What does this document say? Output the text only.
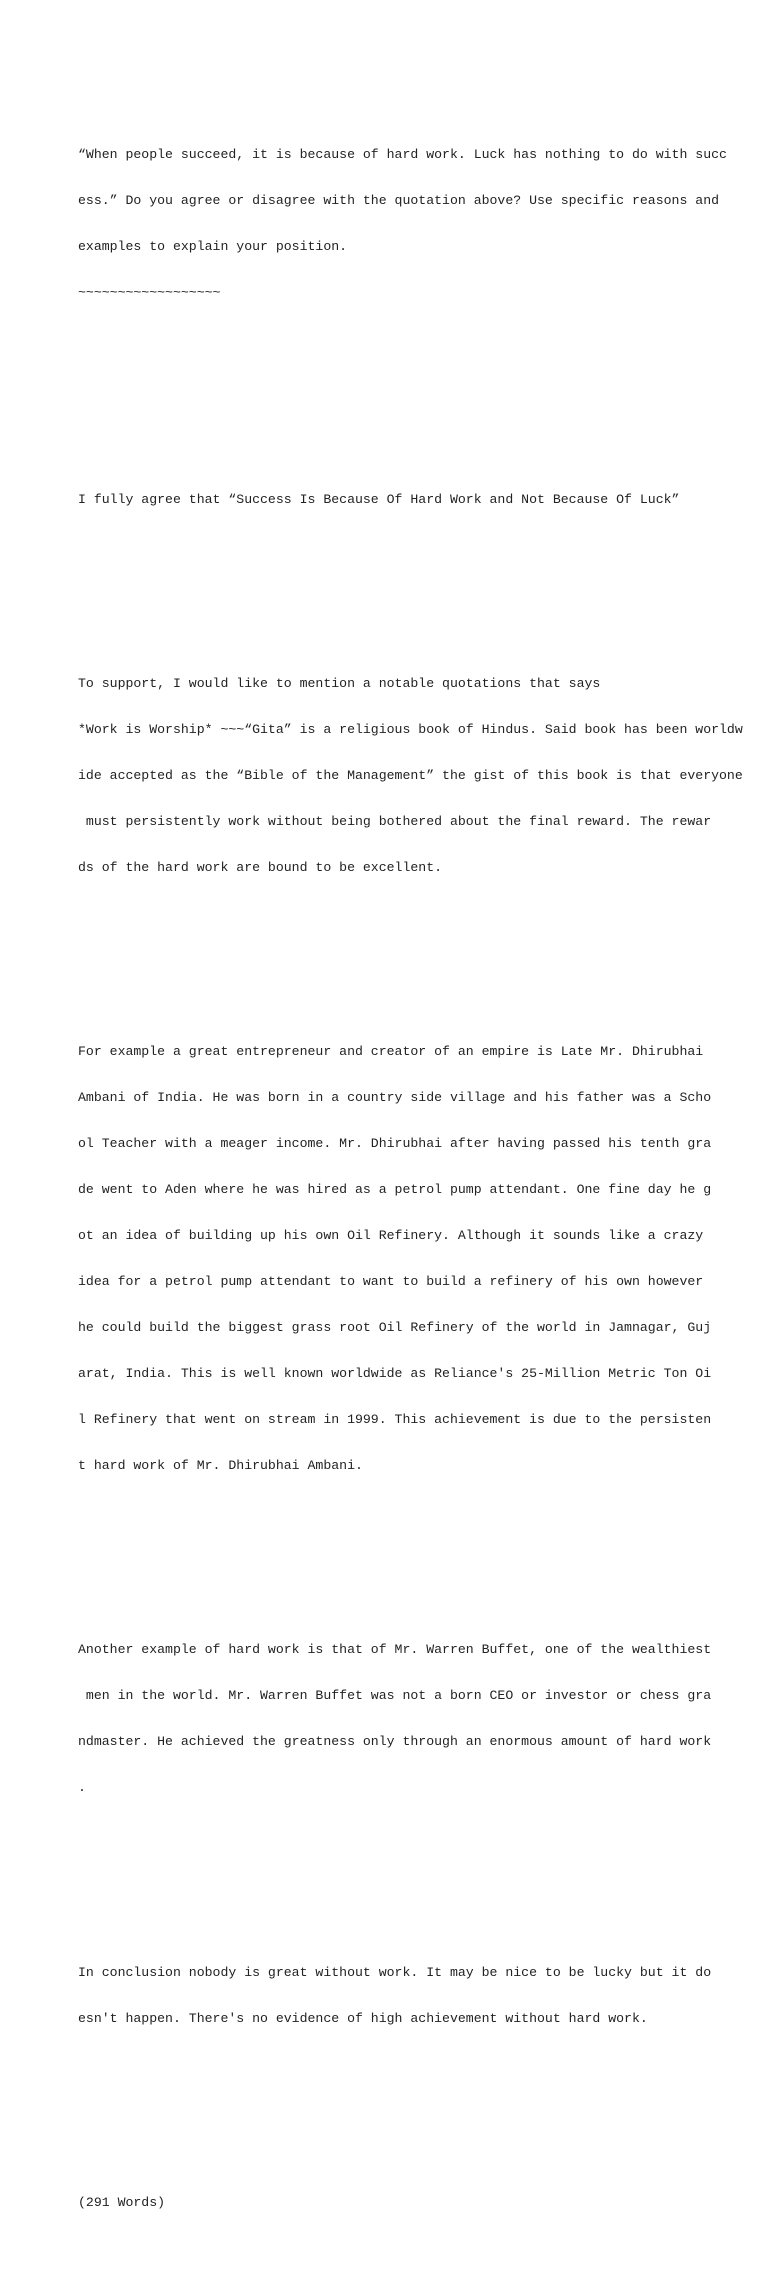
“When people succeed, it is because of hard work. Luck has nothing to do with succ

ess.” Do you agree or disagree with the quotation above? Use specific reasons and

examples to explain your position.

~~~~~~~~~~~~~~~~~~

I fully agree that “Success Is Because Of Hard Work and Not Because Of Luck”

To support, I would like to mention a notable quotations that says

*Work is Worship* ~~~“Gita” is a religious book of Hindus. Said book has been worldw

ide accepted as the “Bible of the Management” the gist of this book is that everyone

must persistently work without being bothered about the final reward. The rewar

ds of the hard work are bound to be excellent.

For example a great entrepreneur and creator of an empire is Late Mr. Dhirubhai

Ambani of India. He was born in a country side village and his father was a Scho

ol Teacher with a meager income. Mr. Dhirubhai after having passed his tenth gra

de went to Aden where he was hired as a petrol pump attendant. One fine day he g

ot an idea of building up his own Oil Refinery. Although it sounds like a crazy

idea for a petrol pump attendant to want to build a refinery of his own however

he could build the biggest grass root Oil Refinery of the world in Jamnagar, Guj

arat, India. This is well known worldwide as Reliance's 25-Million Metric Ton Oi

l Refinery that went on stream in 1999. This achievement is due to the persisten

t hard work of Mr. Dhirubhai Ambani.

Another example of hard work is that of Mr. Warren Buffet, one of the wealthiest

men in the world. Mr. Warren Buffet was not a born CEO or investor or chess gra

ndmaster. He achieved the greatness only through an enormous amount of hard work

.

In conclusion nobody is great without work. It may be nice to be lucky but it do

esn't happen. There's no evidence of high achievement without hard work.

(291 Words)
